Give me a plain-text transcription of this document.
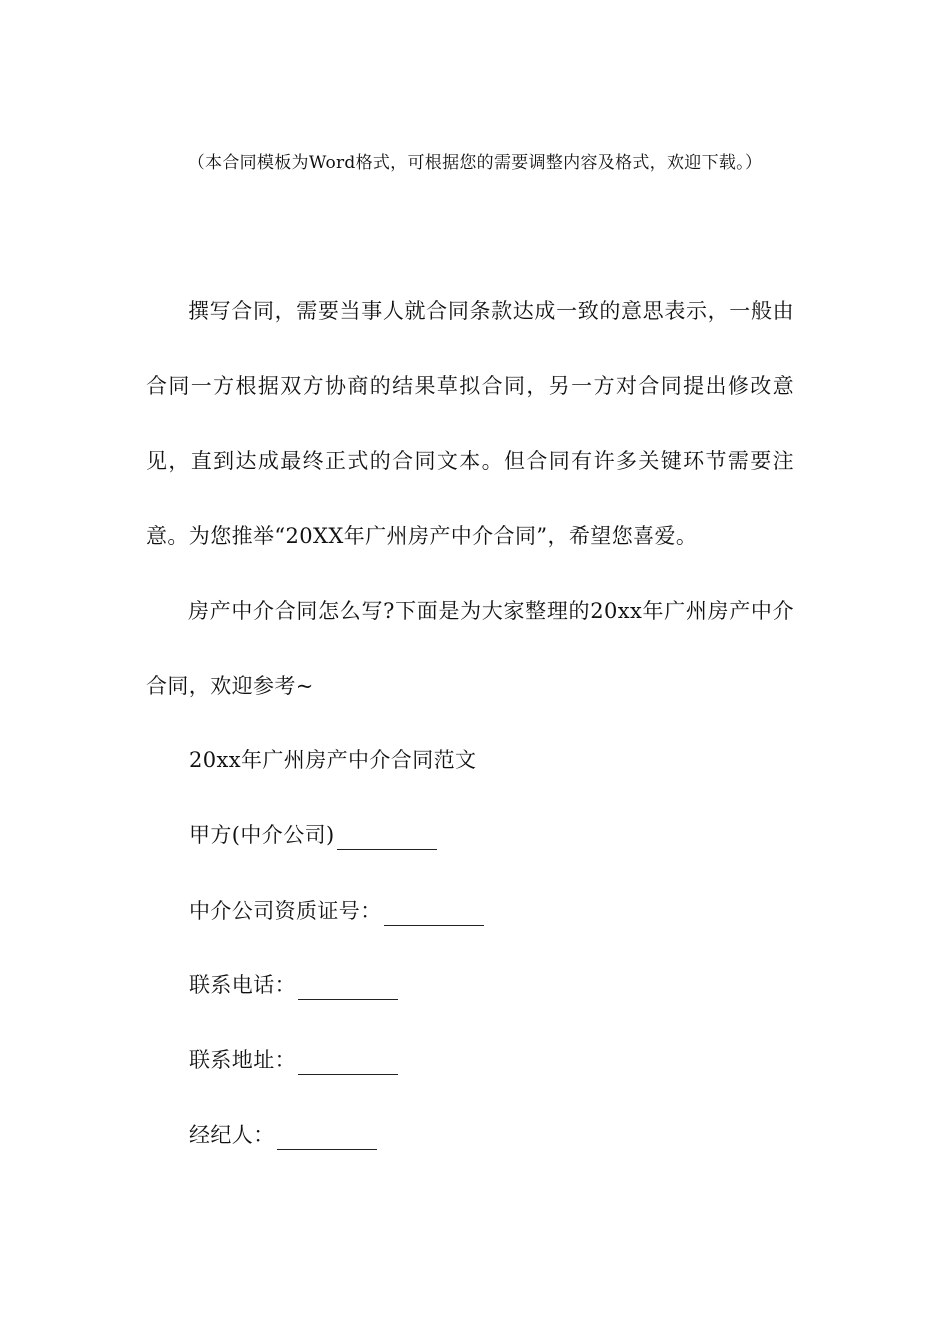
（本合同模板为Word格式，可根据您的需要调整内容及格式，欢迎下载。）

撰写合同，需要当事人就合同条款达成一致的意思表示，一般由合同一方根据双方协商的结果草拟合同，另一方对合同提出修改意见，直到达成最终正式的合同文本。但合同有许多关键环节需要注意。为您推举“20XX年广州房产中介合同”，希望您喜爱。

房产中介合同怎么写?下面是为大家整理的20xx年广州房产中介合同，欢迎参考~

20xx年广州房产中介合同范文
甲方(中介公司)
中介公司资质证号：
联系电话：
联系地址：
经纪人：
